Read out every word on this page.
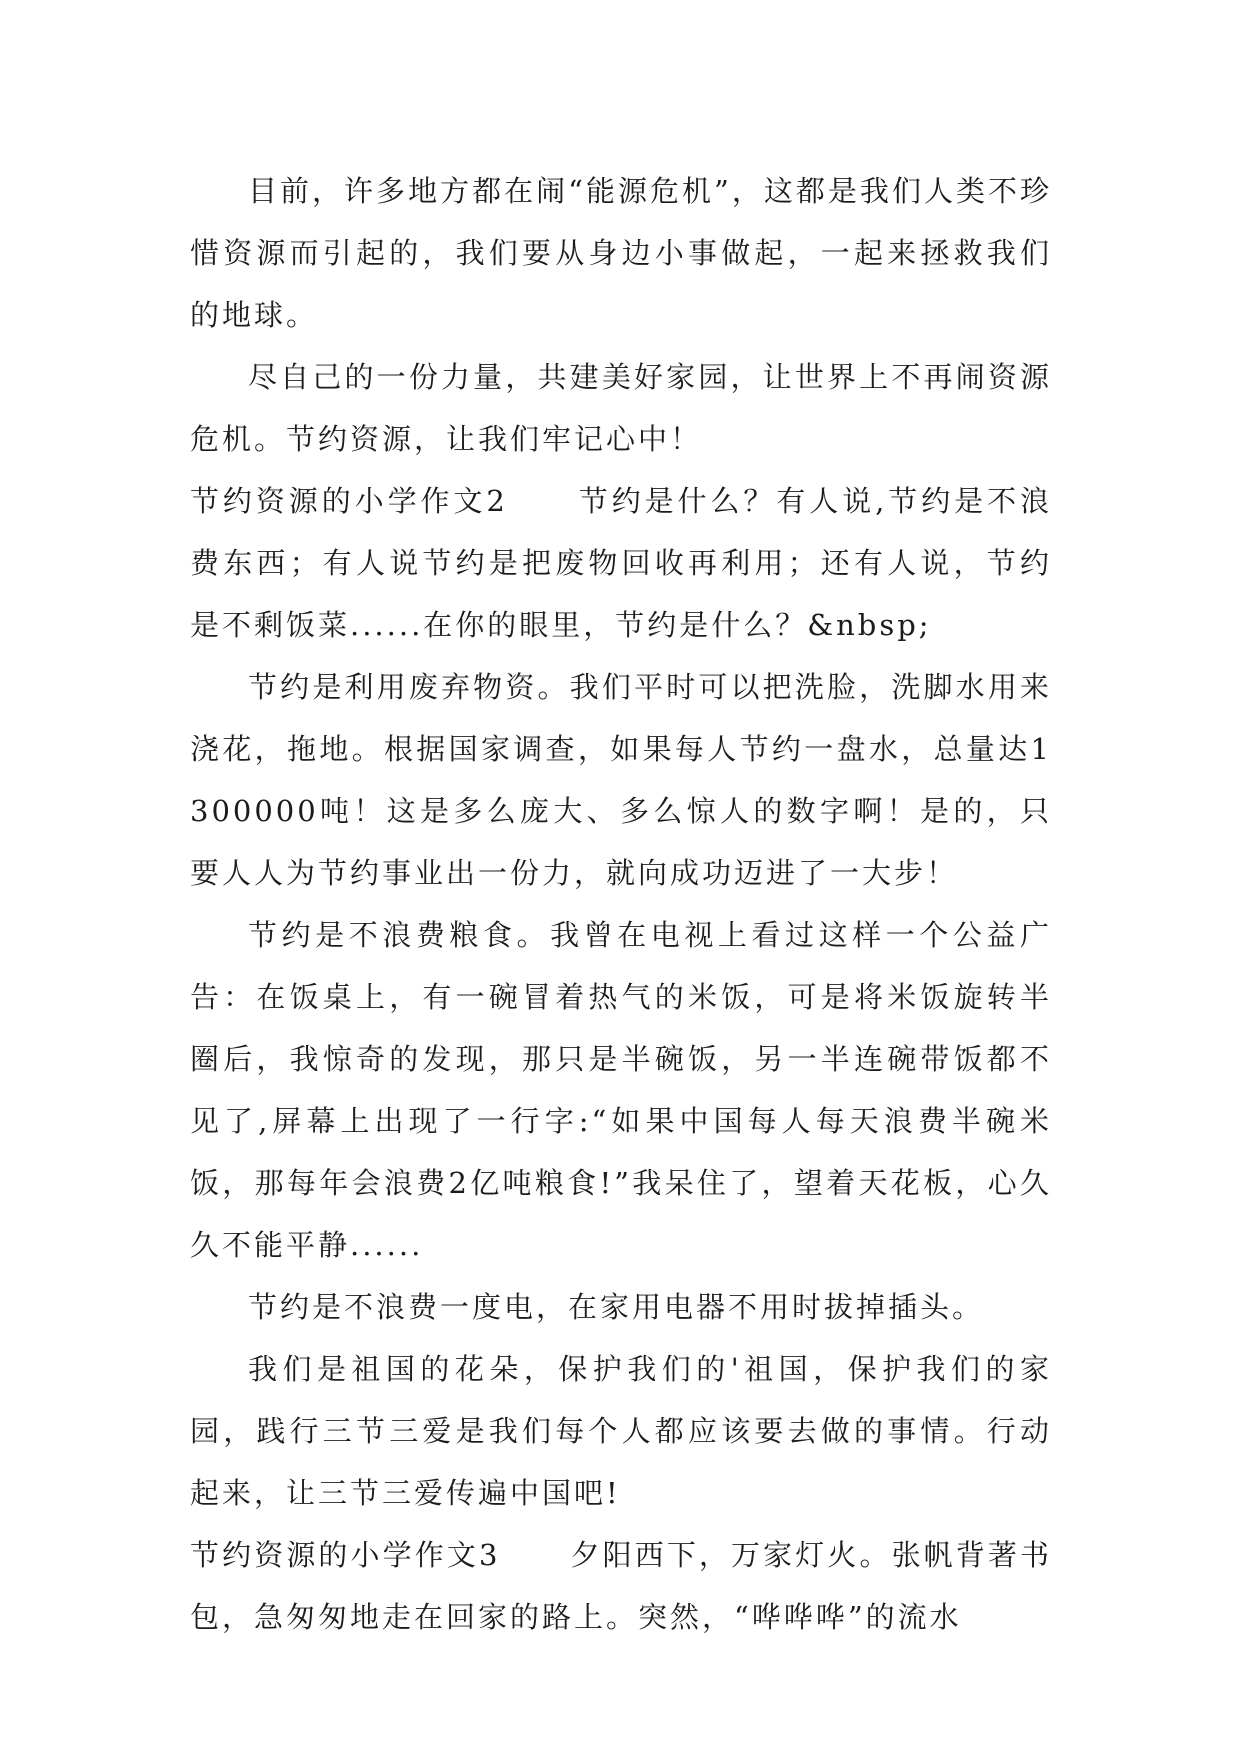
目前，许多地方都在闹“能源危机”，这都是我们人类不珍惜资源而引起的，我们要从身边小事做起，一起来拯救我们的地球。

尽自己的一份力量，共建美好家园，让世界上不再闹资源危机。节约资源，让我们牢记心中！

节约资源的小学作文2 节约是什么？有人说,节约是不浪费东西；有人说节约是把废物回收再利用；还有人说，节约是不剩饭菜......在你的眼里，节约是什么？&nbsp;

节约是利用废弃物资。我们平时可以把洗脸，洗脚水用来浇花，拖地。根据国家调查，如果每人节约一盘水，总量达1300000吨！这是多么庞大、多么惊人的数字啊！是的，只要人人为节约事业出一份力，就向成功迈进了一大步！

节约是不浪费粮食。我曾在电视上看过这样一个公益广告：在饭桌上，有一碗冒着热气的米饭，可是将米饭旋转半圈后，我惊奇的发现，那只是半碗饭，另一半连碗带饭都不见了,屏幕上出现了一行字:“如果中国每人每天浪费半碗米饭，那每年会浪费2亿吨粮食!”我呆住了，望着天花板，心久久不能平静......

节约是不浪费一度电，在家用电器不用时拔掉插头。

我们是祖国的花朵，保护我们的'祖国，保护我们的家园，践行三节三爱是我们每个人都应该要去做的事情。行动起来，让三节三爱传遍中国吧!

节约资源的小学作文3 夕阳西下，万家灯火。张帆背著书包，急匆匆地走在回家的路上。突然，“哗哗哗”的流水
